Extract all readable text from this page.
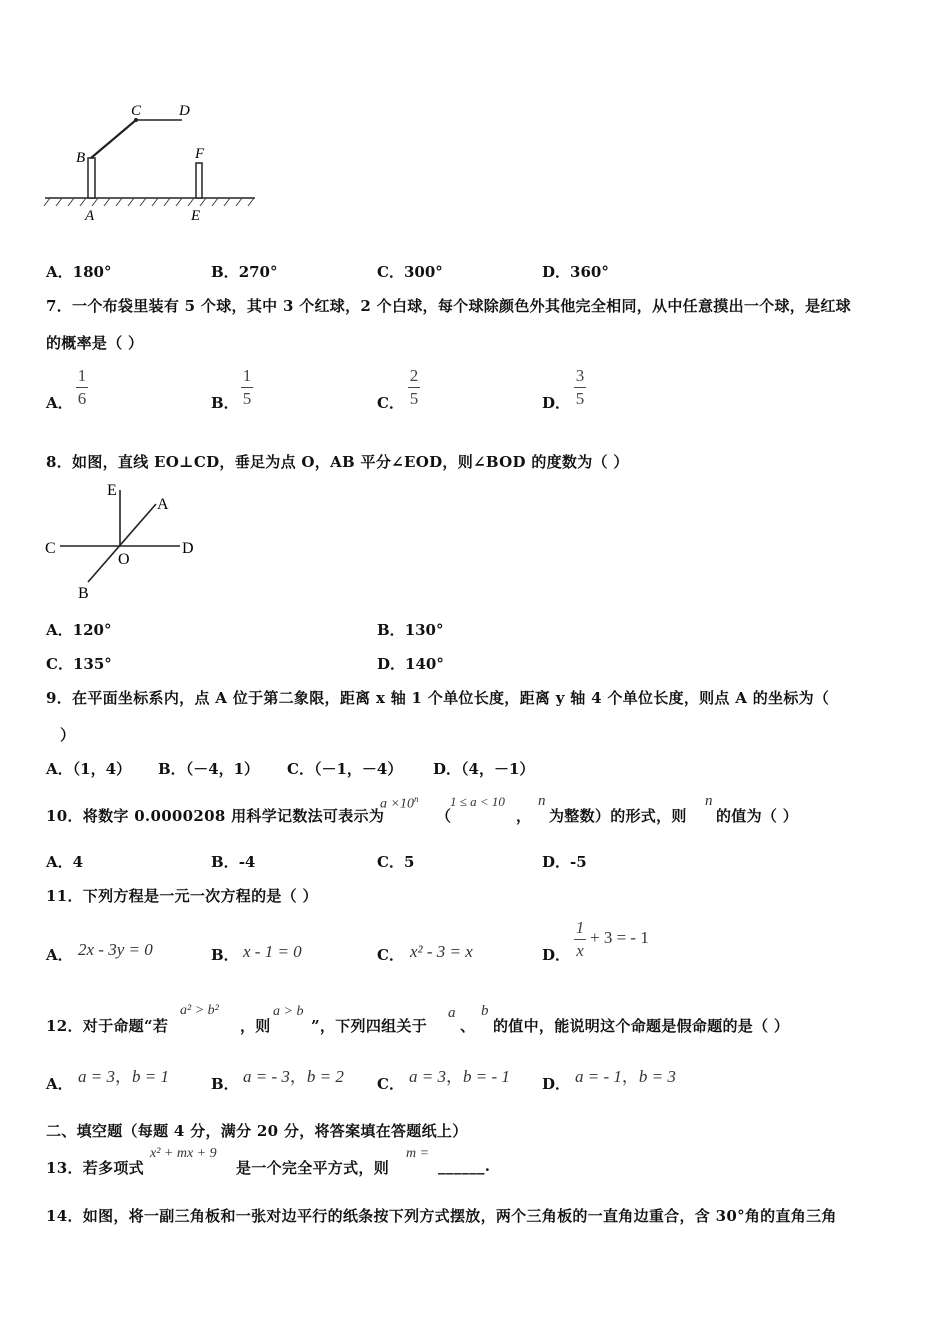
C	D
B	F
A	E
A．180°	B．270°	C．300°	D．360°
7．一个布袋里装有 5 个球，其中 3 个红球，2 个白球，每个球除颜色外其他完全相同，从中任意摸出一个球，是红球
的概率是（ ）
A．
1
6	B．
1
5	C．
2
5	D．
3
5
8．如图，直线 EO⊥CD，垂足为点 O，AB 平分∠EOD，则∠BOD 的度数为（ ）
E
A
C
O
D
B
A．120°	B．130°
C．135°	D．140°
9．在平面坐标系内，点 A 位于第二象限，距离 x 轴 1 个单位长度，距离 y 轴 4 个单位长度，则点 A 的坐标为（
）
A．（1，4） B．（－4，1） C．（－1，－4） D．（4，－1）
10．将数字 0.0000208 用科学记数法可表示为
$a \times 10^n$
（
1 ≤ a < 10
，
n
为整数）的形式，则
n
的值为（ ）
A．4	B．-4	C．5	D．-5
11．下列方程是一元一次方程的是（ ）
A． 2x - 3y = 0	B． x - 1 = 0	C． x² - 3 = x	D．
1
x
+ 3 = - 1
12．对于命题“若
a² > b²
，则
a > b
”，下列四组关于
a
、
b
的值中，能说明这个命题是假命题的是（ ）
A． a = 3，b = 1	B． a = - 3，b = 2 C． a = 3，b = - 1 D． a = - 1，b = 3
二、填空题（每题 4 分，满分 20 分，将答案填在答题纸上）
13．若多项式
x² + mx + 9
是一个完全平方式，则
m =
______.
14．如图，将一副三角板和一张对边平行的纸条按下列方式摆放，两个三角板的一直角边重合，含 30°角的直角三角
